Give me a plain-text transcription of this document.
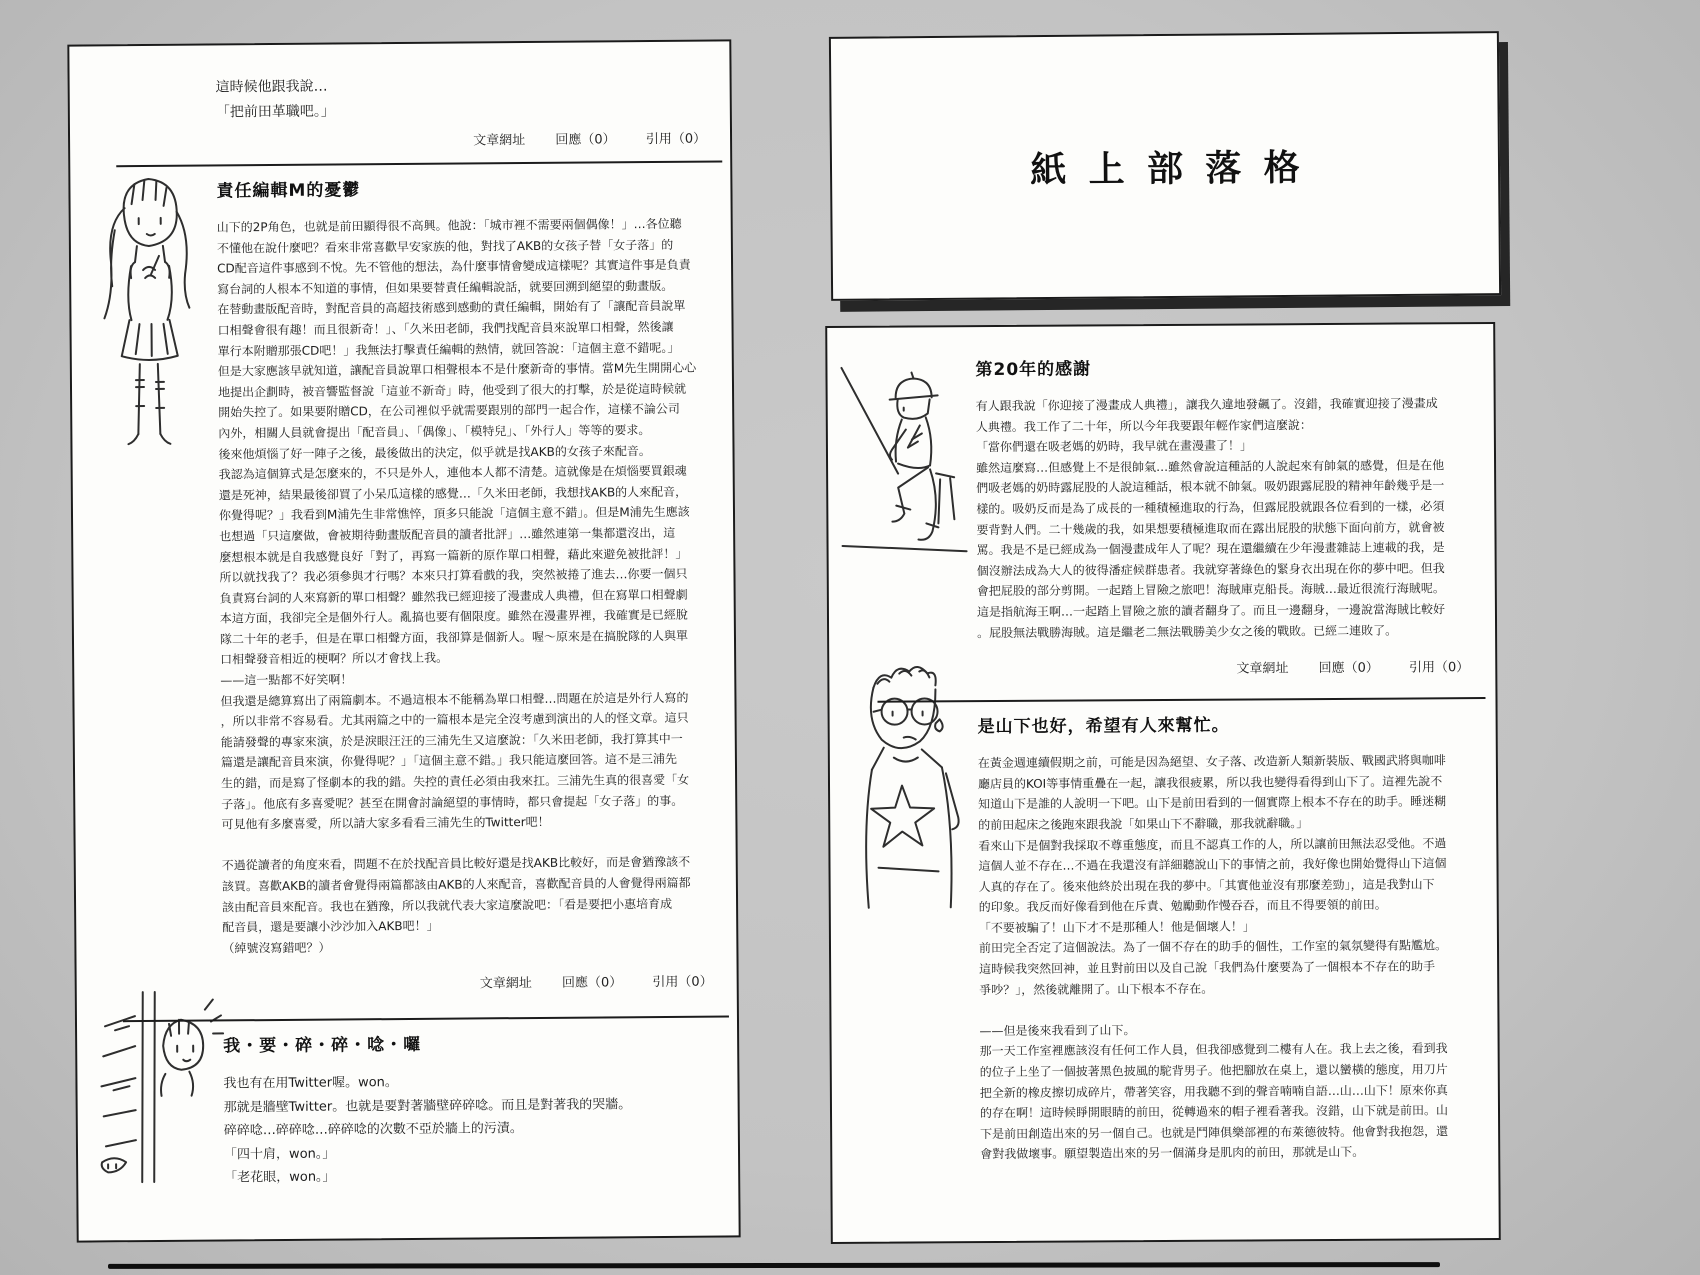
這時候他跟我說…
「把前田革職吧。」
文章網址 回應（0） 引用（0）
責任編輯M的憂鬱
山下的2P角色，也就是前田顯得很不高興。他說：「城市裡不需要兩個偶像！」…各位聽
不懂他在說什麼吧？看來非常喜歡早安家族的他，對找了AKB的女孩子替「女子落」的
CD配音這件事感到不悅。先不管他的想法，為什麼事情會變成這樣呢？其實這件事是負責
寫台詞的人根本不知道的事情，但如果要替責任編輯說話，就要回溯到絕望的動畫版。
在替動畫版配音時，對配音員的高超技術感到感動的責任編輯，開始有了「讓配音員說單
口相聲會很有趣！而且很新奇！」、「久米田老師，我們找配音員來說單口相聲，然後讓
單行本附贈那張CD吧！」我無法打擊責任編輯的熱情，就回答說：「這個主意不錯呢。」
但是大家應該早就知道，讓配音員說單口相聲根本不是什麼新奇的事情。當M先生開開心心
地提出企劃時，被音響監督說「這並不新奇」時，他受到了很大的打擊，於是從這時候就
開始失控了。如果要附贈CD，在公司裡似乎就需要跟別的部門一起合作，這樣不論公司
內外，相關人員就會提出「配音員」、「偶像」、「模特兒」、「外行人」等等的要求。
後來他煩惱了好一陣子之後，最後做出的決定，似乎就是找AKB的女孩子來配音。
我認為這個算式是怎麼來的，不只是外人，連他本人都不清楚。這就像是在煩惱要買銀魂
還是死神，結果最後卻買了小呆瓜這樣的感覺…「久米田老師，我想找AKB的人來配音，
你覺得呢？」我看到M浦先生非常憔悴，頂多只能說「這個主意不錯」。但是M浦先生應該
也想過「只這麼做，會被期待動畫版配音員的讀者批評」…雖然連第一集都還沒出，這
麼想根本就是自我感覺良好「對了，再寫一篇新的原作單口相聲，藉此來避免被批評！」
所以就找我了？我必須參與才行嗎？本來只打算看戲的我，突然被捲了進去…你要一個只
負責寫台詞的人來寫新的單口相聲？雖然我已經迎接了漫畫成人典禮，但在寫單口相聲劇
本這方面，我卻完全是個外行人。亂搞也要有個限度。雖然在漫畫界裡，我確實是已經脫
隊二十年的老手，但是在單口相聲方面，我卻算是個新人。喔～原來是在搞脫隊的人與單
口相聲發音相近的梗啊？所以才會找上我。
——這一點都不好笑啊！
但我還是總算寫出了兩篇劇本。不過這根本不能稱為單口相聲…問題在於這是外行人寫的
，所以非常不容易看。尤其兩篇之中的一篇根本是完全沒考慮到演出的人的怪文章。這只
能請發聲的專家來演，於是淚眼汪汪的三浦先生又這麼說：「久米田老師，我打算其中一
篇還是讓配音員來演，你覺得呢？」「這個主意不錯。」我只能這麼回答。這不是三浦先
生的錯，而是寫了怪劇本的我的錯。失控的責任必須由我來扛。三浦先生真的很喜愛「女
子落」。他底有多喜愛呢？甚至在開會討論絕望的事情時，都只會提起「女子落」的事。
可見他有多麼喜愛，所以請大家多看看三浦先生的Twitter吧！

不過從讀者的角度來看，問題不在於找配音員比較好還是找AKB比較好，而是會猶豫該不
該買。喜歡AKB的讀者會覺得兩篇都該由AKB的人來配音，喜歡配音員的人會覺得兩篇都
該由配音員來配音。我也在猶豫，所以我就代表大家這麼說吧：「看是要把小惠培育成
配音員，還是要讓小沙沙加入AKB吧！」
（綽號沒寫錯吧？）
文章網址 回應（0） 引用（0）
我・要・碎・碎・唸・囉
我也有在用Twitter喔。won。
那就是牆壁Twitter。也就是要對著牆壁碎碎唸。而且是對著我的哭牆。
碎碎唸…碎碎唸…碎碎唸的次數不亞於牆上的污漬。
「四十肩，won。」
「老花眼，won。」
紙上部落格
第20年的感謝
有人跟我說「你迎接了漫畫成人典禮」，讓我久違地發飆了。沒錯，我確實迎接了漫畫成
人典禮。我工作了二十年，所以今年我要跟年輕作家們這麼說：
「當你們還在吸老媽的奶時，我早就在畫漫畫了！」
雖然這麼寫…但感覺上不是很帥氣…雖然會說這種話的人說起來有帥氣的感覺，但是在他
們吸老媽的奶時露屁股的人說這種話，根本就不帥氣。吸奶跟露屁股的精神年齡幾乎是一
樣的。吸奶反而是為了成長的一種積極進取的行為，但露屁股就跟各位看到的一樣，必須
要背對人們。二十幾歲的我，如果想要積極進取而在露出屁股的狀態下面向前方，就會被
罵。我是不是已經成為一個漫畫成年人了呢？現在還繼續在少年漫畫雜誌上連載的我，是
個沒辦法成為大人的彼得潘症候群患者。我就穿著綠色的緊身衣出現在你的夢中吧。但我
會把屁股的部分剪開。一起踏上冒險之旅吧！海賊庫克船長。海賊…最近很流行海賊呢。
這是指航海王啊…一起踏上冒險之旅的讀者翻身了。而且一邊翻身，一邊說當海賊比較好
。屁股無法戰勝海賊。這是繼老二無法戰勝美少女之後的戰敗。已經二連敗了。
文章網址 回應（0） 引用（0）
是山下也好，希望有人來幫忙。
在黃金週連續假期之前，可能是因為絕望、女子落、改造新人類新裝版、戰國武將與咖啡
廳店員的KOI等事情重疊在一起，讓我很疲累，所以我也變得看得到山下了。這裡先說不
知道山下是誰的人說明一下吧。山下是前田看到的一個實際上根本不存在的助手。睡迷糊
的前田起床之後跑來跟我說「如果山下不辭職，那我就辭職。」
看來山下是個對我採取不尊重態度，而且不認真工作的人，所以讓前田無法忍受他。不過
這個人並不存在…不過在我還沒有詳細聽說山下的事情之前，我好像也開始覺得山下這個
人真的存在了。後來他終於出現在我的夢中。「其實他並沒有那麼差勁」，這是我對山下
的印象。我反而好像看到他在斥責、勉勵動作慢吞吞，而且不得要領的前田。
「不要被騙了！山下才不是那種人！他是個壞人！」
前田完全否定了這個說法。為了一個不存在的助手的個性，工作室的氣氛變得有點尷尬。
這時候我突然回神，並且對前田以及自己說「我們為什麼要為了一個根本不存在的助手
爭吵？」，然後就離開了。山下根本不存在。

——但是後來我看到了山下。
那一天工作室裡應該沒有任何工作人員，但我卻感覺到二樓有人在。我上去之後，看到我
的位子上坐了一個披著黑色披風的駝背男子。他把腳放在桌上，還以蠻橫的態度，用刀片
把全新的橡皮擦切成碎片，帶著笑容，用我聽不到的聲音喃喃自語…山…山下！原來你真
的存在啊！這時候睜開眼睛的前田，從轉過來的帽子裡看著我。沒錯，山下就是前田。山
下是前田創造出來的另一個自己。也就是鬥陣俱樂部裡的布萊德彼特。他會對我抱怨，還
會對我做壞事。願望製造出來的另一個滿身是肌肉的前田，那就是山下。
